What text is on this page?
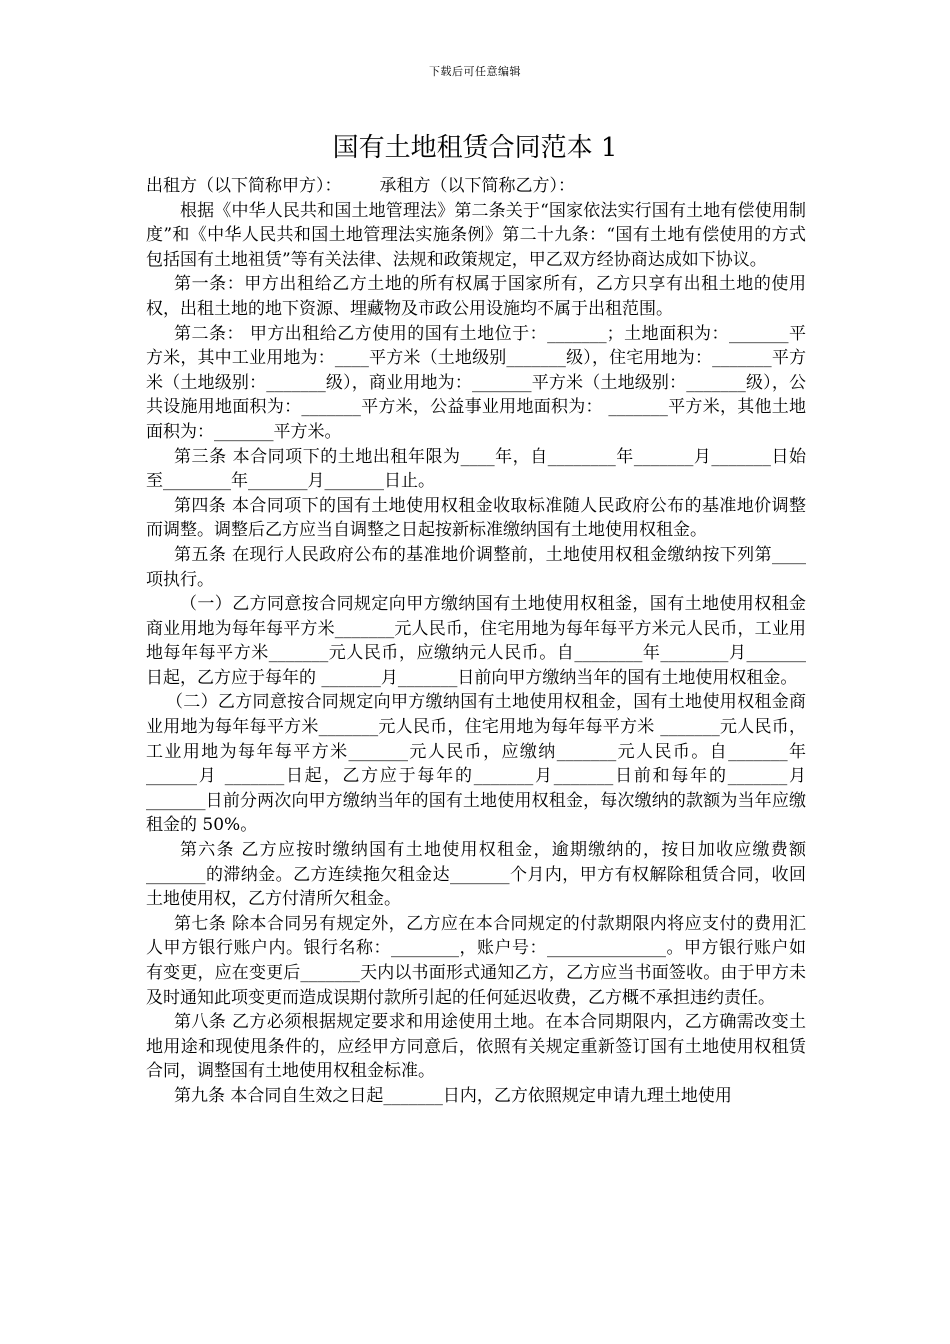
下载后可任意编辑
国有土地租赁合同范本 1
出租方（以下简称甲方）： 承租方（以下简称乙方）：

根据《中华人民共和国土地管理法》第二条关于“国家依法实行国有土地有偿使用制度”和《中华人民共和国土地管理法实施条例》第二十九条：“国有土地有偿使用的方式包括国有土地祖赁”等有关法律、法规和政策规定，甲乙双方经协商达成如下协议。

第一条：甲方出租给乙方土地的所有权属于国家所有，乙方只享有出租土地的使用权，出租土地的地下资源、埋藏物及市政公用设施均不属于出租范围。

第二条： 甲方出租给乙方使用的国有土地位于：_______；土地面积为：_______平方米，其中工业用地为：____平方米（土地级别_______级），住宅用地为：_______平方米（土地级别：_______级），商业用地为：_______平方米（土地级别：_______级），公共设施用地面积为：_______平方米，公益事业用地面积为： _______平方米，其他土地面积为：_______平方米。

第三条 本合同项下的土地出租年限为____年，自________年_______月_______日始至________年_______月_______日止。

第四条 本合同项下的国有土地使用权租金收取标准随人民政府公布的基准地价调整而调整。调整后乙方应当自调整之日起按新标准缴纳国有土地使用权租金。

第五条 在现行人民政府公布的基准地价调整前，土地使用权租金缴纳按下列第____项执行。

（一）乙方同意按合同规定向甲方缴纳国有土地使用权租釜，国有土地使用权租金商业用地为每年每平方米_______元人民币，住宅用地为每年每平方米元人民币，工业用地每年每平方米_______元人民币，应缴纳元人民币。自________年________月_______日起，乙方应于每年的 _______月_______日前向甲方缴纳当年的国有土地使用权租金。

（二）乙方同意按合同规定向甲方缴纳国有土地使用权租金，国有土地使用权租金商业用地为每年每平方米_______元人民币，住宅用地为每年每平方米 _______元人民币，工业用地为每年每平方米_______元人民币，应缴纳_______元人民币。自_______年______月 _______日起，乙方应于每年的_______月_______日前和每年的_______月_______日前分两次向甲方缴纳当年的国有土地使用权租金，每次缴纳的款额为当年应缴租金的 50%。

第六条 乙方应按时缴纳国有土地使用权租金，逾期缴纳的，按日加收应缴费额_______的滞纳金。乙方连续拖欠租金达_______个月内，甲方有权解除租赁合同，收回 土地使用权，乙方付清所欠租金。

第七条 除本合同另有规定外，乙方应在本合同规定的付款期限内将应支付的费用汇人甲方银行账户内。银行名称：________，账户号：______________。甲方银行账户如有变更，应在变更后_______天内以书面形式通知乙方，乙方应当书面签收。由于甲方未及时通知此项变更而造成误期付款所引起的任何延迟收费，乙方概不承担违约责任。

第八条 乙方必须根据规定要求和用途使用土地。在本合同期限内，乙方确需改变土地用途和现使甩条件的，应经甲方同意后，依照有关规定重新签订国有土地使用权租赁合同，调整国有土地使用权租金标准。

第九条 本合同自生效之日起_______日内，乙方依照规定申请九理土地使用
